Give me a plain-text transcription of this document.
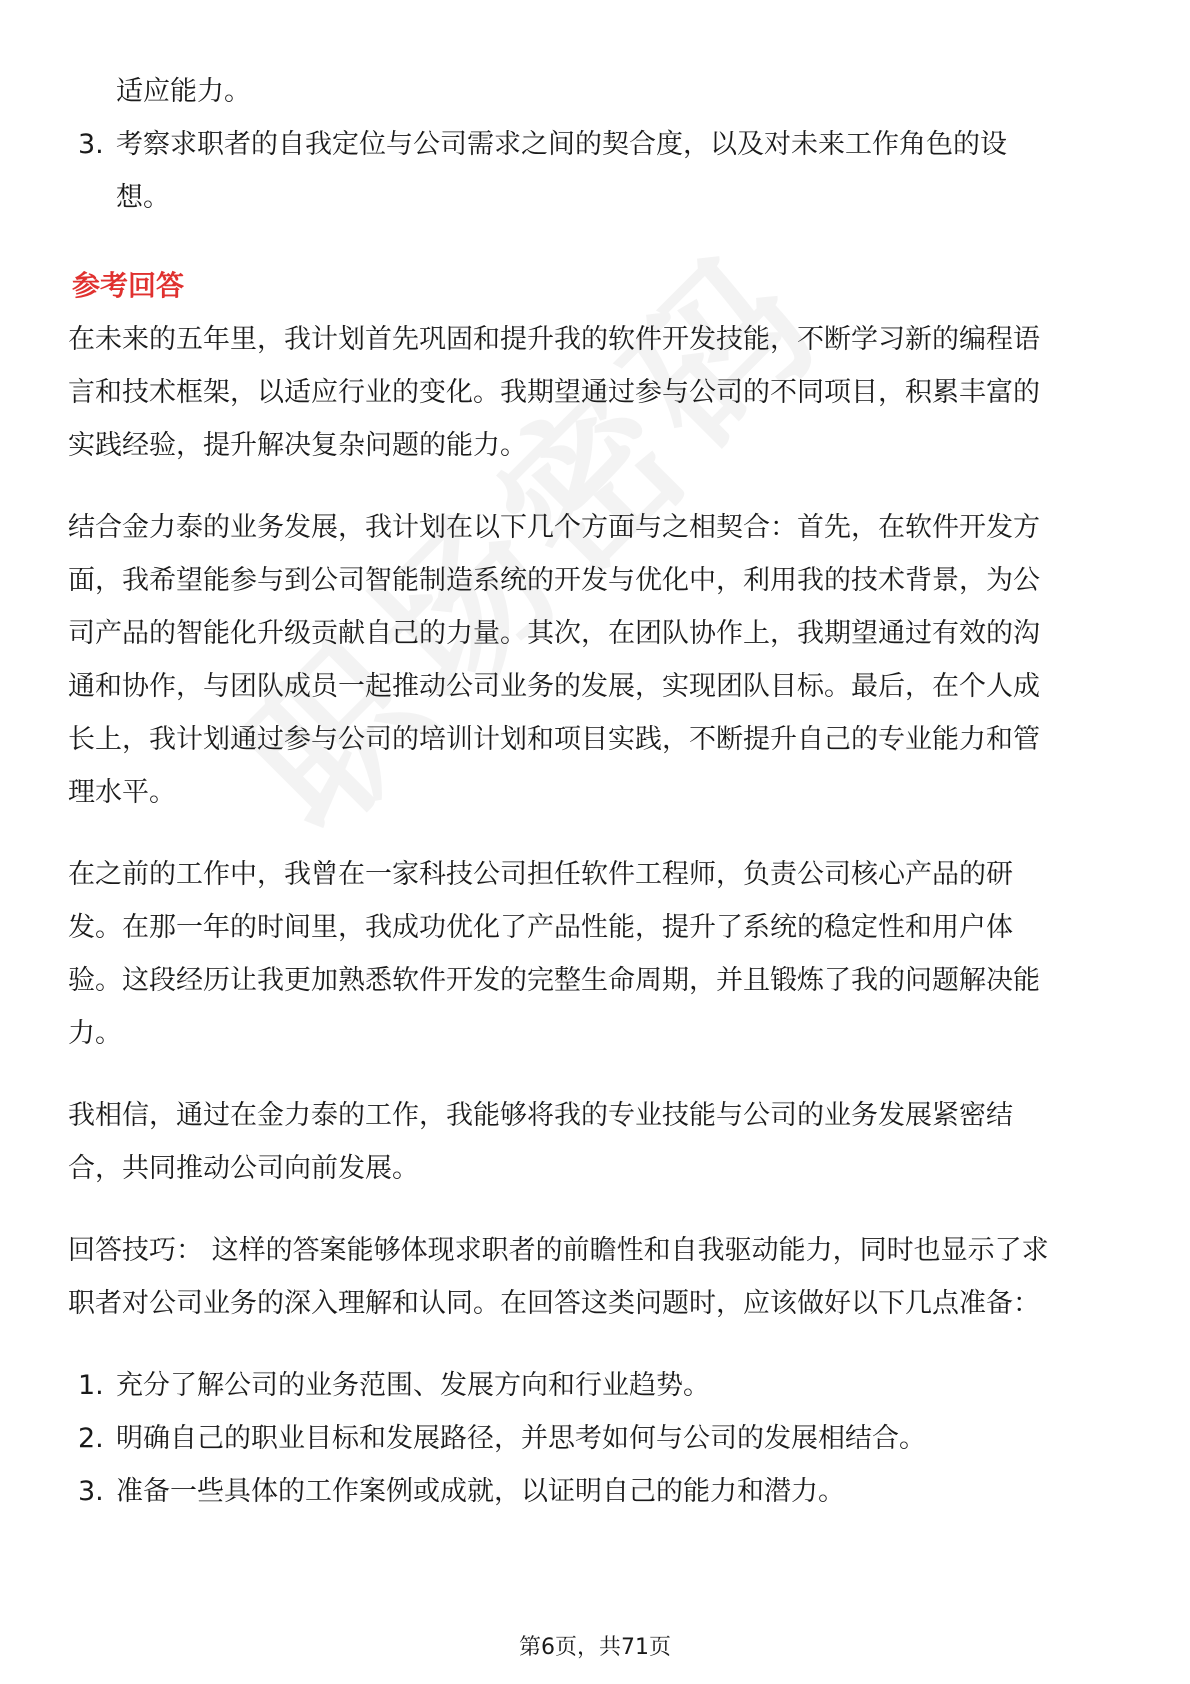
适应能力。
3. 考察求职者的自我定位与公司需求之间的契合度，以及对未来工作角色的设
想。
参考回答
在未来的五年里，我计划首先巩固和提升我的软件开发技能，不断学习新的编程语
言和技术框架，以适应行业的变化。我期望通过参与公司的不同项目，积累丰富的
实践经验，提升解决复杂问题的能力。
结合金力泰的业务发展，我计划在以下几个方面与之相契合：首先，在软件开发方
面，我希望能参与到公司智能制造系统的开发与优化中，利用我的技术背景，为公
司产品的智能化升级贡献自己的力量。其次，在团队协作上，我期望通过有效的沟
通和协作，与团队成员一起推动公司业务的发展，实现团队目标。最后，在个人成
长上，我计划通过参与公司的培训计划和项目实践，不断提升自己的专业能力和管
理水平。
在之前的工作中，我曾在一家科技公司担任软件工程师，负责公司核心产品的研
发。在那一年的时间里，我成功优化了产品性能，提升了系统的稳定性和用户体
验。这段经历让我更加熟悉软件开发的完整生命周期，并且锻炼了我的问题解决能
力。
我相信，通过在金力泰的工作，我能够将我的专业技能与公司的业务发展紧密结
合，共同推动公司向前发展。
回答技巧： 这样的答案能够体现求职者的前瞻性和自我驱动能力，同时也显示了求
职者对公司业务的深入理解和认同。在回答这类问题时，应该做好以下几点准备：
1. 充分了解公司的业务范围、发展方向和行业趋势。
2. 明确自己的职业目标和发展路径，并思考如何与公司的发展相结合。
3. 准备一些具体的工作案例或成就，以证明自己的能力和潜力。
第6页，共71页
